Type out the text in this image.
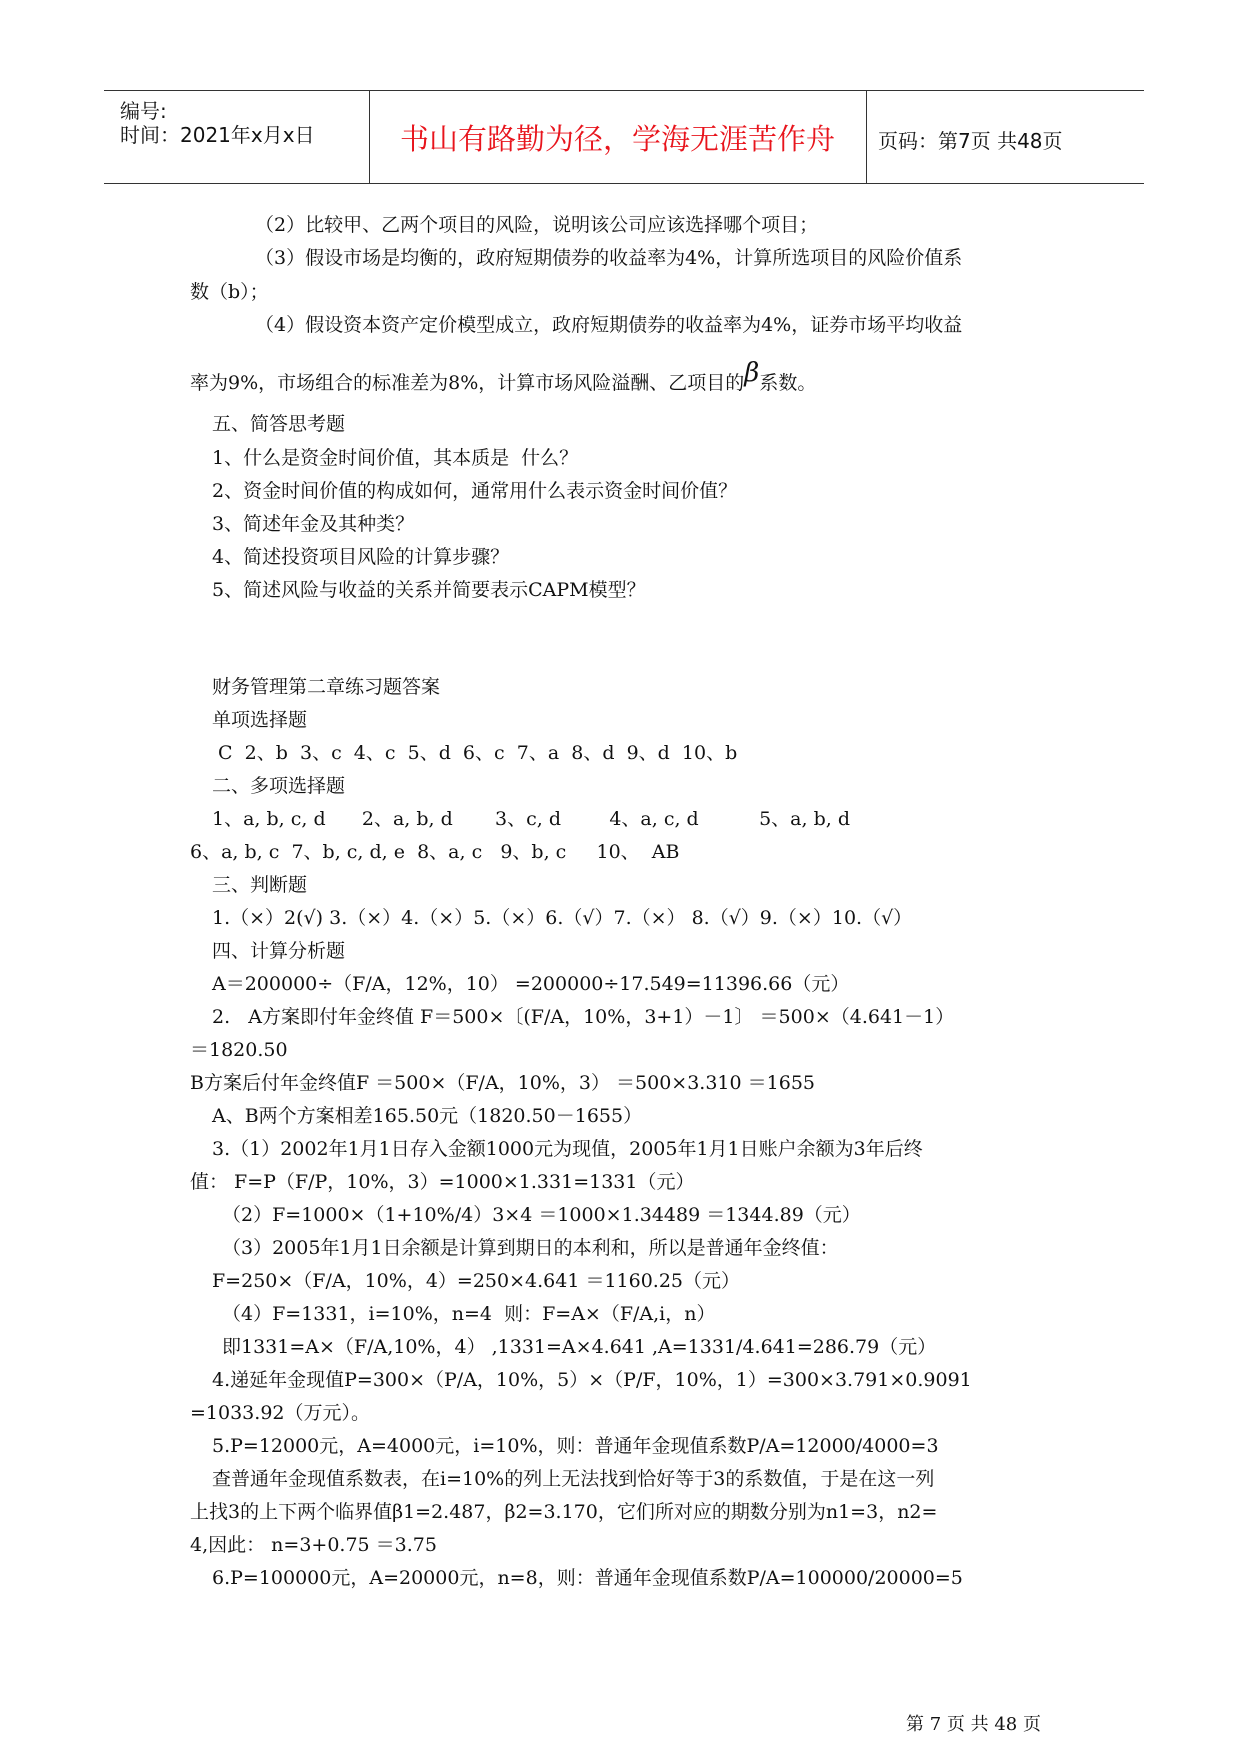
编号:
时间：2021年x月x日	书山有路勤为径，学海无涯苦作舟	页码：第7页 共48页
（2）比较甲、乙两个项目的风险，说明该公司应该选择哪个项目；
（3）假设市场是均衡的，政府短期债券的收益率为4%，计算所选项目的风险价值系
数（b）；
（4）假设资本资产定价模型成立，政府短期债券的收益率为4%，证券市场平均收益
率为9%，市场组合的标准差为8%，计算市场风险溢酬、乙项目的β系数。
五、简答思考题
1、什么是资金时间价值，其本质是  什么？
2、资金时间价值的构成如何，通常用什么表示资金时间价值？
3、简述年金及其种类？
4、简述投资项目风险的计算步骤？
5、简述风险与收益的关系并简要表示CAPM模型？
财务管理第二章练习题答案
单项选择题
C  2、b  3、c  4、c  5、d  6、c  7、a  8、d  9、d  10、b
二、多项选择题
1、a, b, c, d      2、a, b, d       3、c, d        4、a, c, d          5、a, b, d
6、a, b, c  7、b, c, d, e  8、a, c   9、b, c     10、  AB
三、判断题
1.（×）2(√) 3.（×）4.（×）5.（×）6.（√）7.（×） 8.（√）9.（×）10.（√）
四、计算分析题
A＝200000÷（F/A，12%，10） =200000÷17.549=11396.66（元）
2.   A方案即付年金终值 F＝500×〔(F/A，10%，3+1）－1〕 ＝500×（4.641－1）
＝1820.50
B方案后付年金终值F ＝500×（F/A，10%，3） ＝500×3.310 ＝1655
A、B两个方案相差165.50元（1820.50－1655）
3.（1）2002年1月1日存入金额1000元为现值，2005年1月1日账户余额为3年后终
值： F=P（F/P，10%，3）=1000×1.331=1331（元）
（2）F=1000×（1+10%/4）3×4 ＝1000×1.34489 ＝1344.89（元）
（3）2005年1月1日余额是计算到期日的本利和，所以是普通年金终值：
F=250×（F/A，10%，4）=250×4.641 ＝1160.25（元）
（4）F=1331，i=10%，n=4  则：F=A×（F/A,i，n）
即1331=A×（F/A,10%，4） ,1331=A×4.641 ,A=1331/4.641=286.79（元）
4.递延年金现值P=300×（P/A，10%，5）×（P/F，10%，1）=300×3.791×0.9091
=1033.92（万元）。
5.P=12000元，A=4000元，i=10%，则：普通年金现值系数P/A=12000/4000=3
查普通年金现值系数表，在i=10%的列上无法找到恰好等于3的系数值，于是在这一列
上找3的上下两个临界值β1=2.487，β2=3.170，它们所对应的期数分别为n1=3，n2=
4,因此： n=3+0.75 ＝3.75
6.P=100000元，A=20000元，n=8，则：普通年金现值系数P/A=100000/20000=5
第 7 页 共 48 页
